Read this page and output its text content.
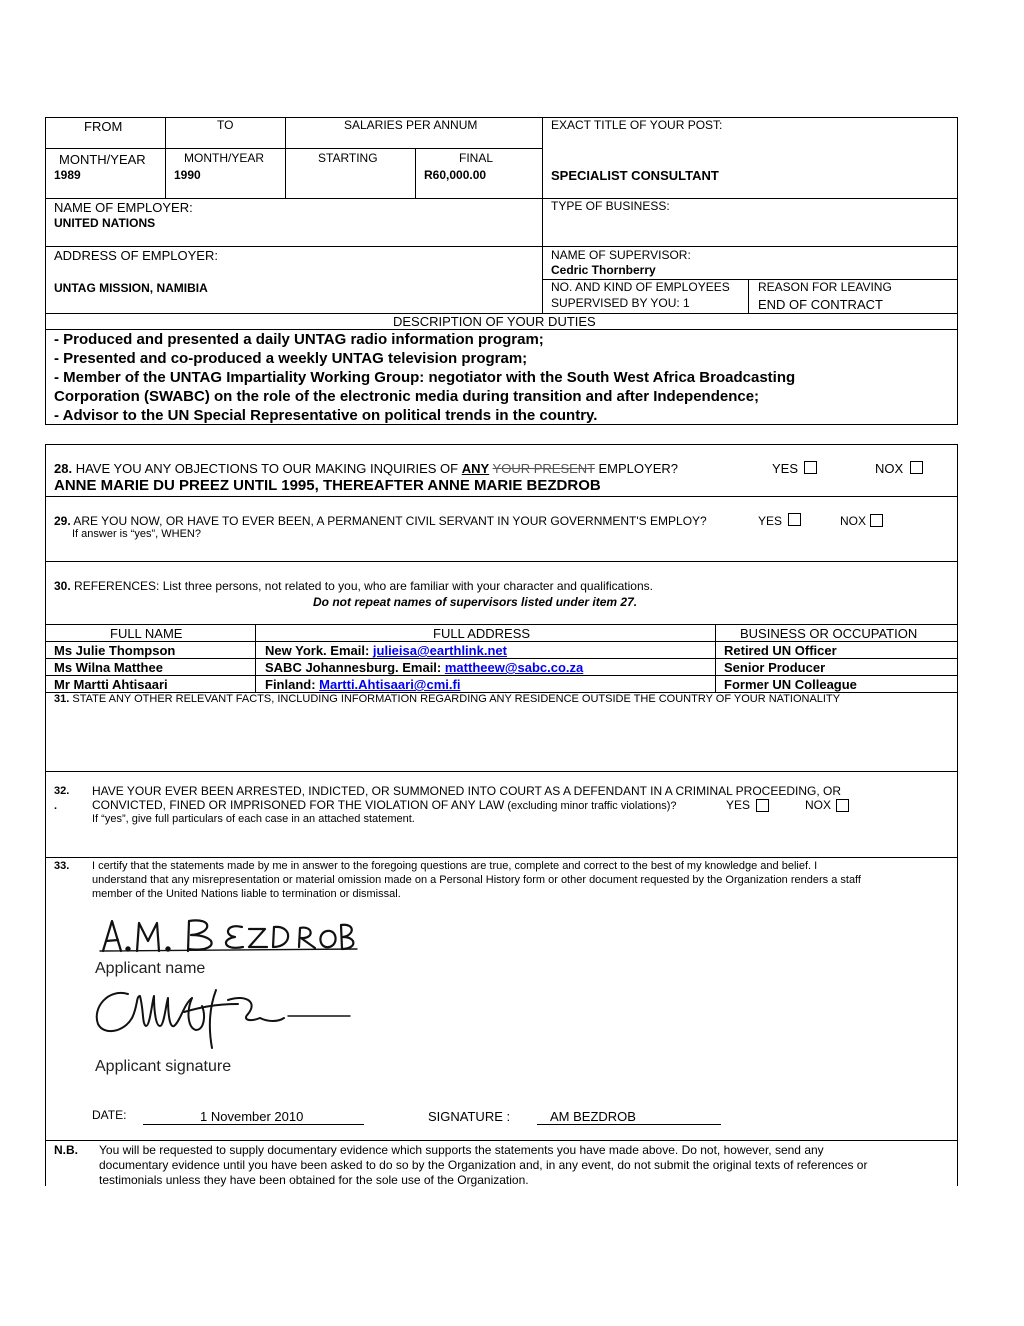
FROM	TO	SALARIES PER ANNUM	EXACT TITLE OF YOUR POST:
MONTH/YEAR	MONTH/YEAR	STARTING	FINAL
1989	1990	R60,000.00	SPECIALIST CONSULTANT
NAME OF EMPLOYER:
UNITED NATIONS
TYPE OF BUSINESS:
ADDRESS OF EMPLOYER:
UNTAG MISSION, NAMIBIA
NAME OF SUPERVISOR:
Cedric Thornberry
NO. AND KIND OF EMPLOYEES
SUPERVISED BY YOU: 1
REASON FOR LEAVING
END OF CONTRACT
DESCRIPTION OF YOUR DUTIES
- Produced and presented a daily UNTAG radio information program;
- Presented and co-produced a weekly UNTAG television program;
- Member of the UNTAG Impartiality Working Group: negotiator with the South West Africa Broadcasting
Corporation (SWABC) on the role of the electronic media during transition and after Independence;
- Advisor to the UN Special Representative on political trends in the country.
28. HAVE YOU ANY OBJECTIONS TO OUR MAKING INQUIRIES OF ANY YOUR PRESENT EMPLOYER?	YES	NOX
ANNE MARIE DU PREEZ UNTIL 1995, THEREAFTER ANNE MARIE BEZDROB
29. ARE YOU NOW, OR HAVE TO EVER BEEN, A PERMANENT CIVIL SERVANT IN YOUR GOVERNMENT'S EMPLOY?	YES	NOX
If answer is “yes”, WHEN?
30. REFERENCES: List three persons, not related to you, who are familiar with your character and qualifications.
Do not repeat names of supervisors listed under item 27.
FULL NAME	FULL ADDRESS	BUSINESS OR OCCUPATION
Ms Julie Thompson	New York. Email: julieisa@earthlink.net	Retired UN Officer
Ms Wilna Matthee	SABC Johannesburg. Email: mattheew@sabc.co.za	Senior Producer
Mr Martti Ahtisaari	Finland: Martti.Ahtisaari@cmi.fi	Former UN Colleague
31. STATE ANY OTHER RELEVANT FACTS, INCLUDING INFORMATION REGARDING ANY RESIDENCE OUTSIDE THE COUNTRY OF YOUR NATIONALITY
32.
.
HAVE YOUR EVER BEEN ARRESTED, INDICTED, OR SUMMONED INTO COURT AS A DEFENDANT IN A CRIMINAL PROCEEDING, OR
CONVICTED, FINED OR IMPRISONED FOR THE VIOLATION OF ANY LAW (excluding minor traffic violations)?	YES	NOX
If “yes”, give full particulars of each case in an attached statement.
33. I certify that the statements made by me in answer to the foregoing questions are true, complete and correct to the best of my knowledge and belief. I
understand that any misrepresentation or material omission made on a Personal History form or other document requested by the Organization renders a staff
member of the United Nations liable to termination or dismissal.
Applicant name
Applicant signature
DATE:	1 November 2010	SIGNATURE :	AM BEZDROB
N.B. You will be requested to supply documentary evidence which supports the statements you have made above. Do not, however, send any
documentary evidence until you have been asked to do so by the Organization and, in any event, do not submit the original texts of references or
testimonials unless they have been obtained for the sole use of the Organization.
